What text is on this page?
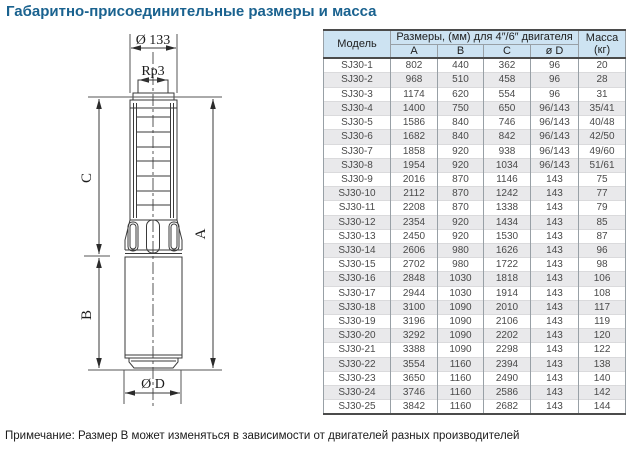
Габаритно-присоединительные размеры и масса
Ø 133
Rp3
C
B
A
Ø D
Модель	Размеры, (мм) для 4″/6″ двигателя				Масса (кг)
	A	B	C	ø D	
SJ30-1	802	440	362	96	20
SJ30-2	968	510	458	96	28
SJ30-3	1174	620	554	96	31
SJ30-4	1400	750	650	96/143	35/41
SJ30-5	1586	840	746	96/143	40/48
SJ30-6	1682	840	842	96/143	42/50
SJ30-7	1858	920	938	96/143	49/60
SJ30-8	1954	920	1034	96/143	51/61
SJ30-9	2016	870	1146	143	75
SJ30-10	2112	870	1242	143	77
SJ30-11	2208	870	1338	143	79
SJ30-12	2354	920	1434	143	85
SJ30-13	2450	920	1530	143	87
SJ30-14	2606	980	1626	143	96
SJ30-15	2702	980	1722	143	98
SJ30-16	2848	1030	1818	143	106
SJ30-17	2944	1030	1914	143	108
SJ30-18	3100	1090	2010	143	117
SJ30-19	3196	1090	2106	143	119
SJ30-20	3292	1090	2202	143	120
SJ30-21	3388	1090	2298	143	122
SJ30-22	3554	1160	2394	143	138
SJ30-23	3650	1160	2490	143	140
SJ30-24	3746	1160	2586	143	142
SJ30-25	3842	1160	2682	143	144
Примечание: Размер B может изменяться в зависимости от двигателей разных производителей
